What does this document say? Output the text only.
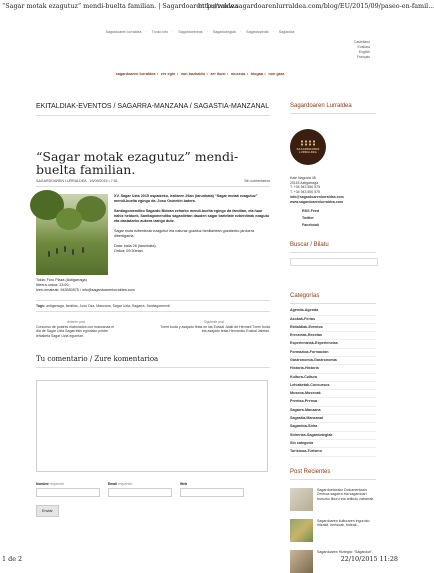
“Sagar motak ezagutuz” mendi-buelta familian. | Sagardoaren Lurraldea
http://www.sagardoarenlurraldea.com/blog/EU/2015/09/paseo-en-famil...
Sagardoaren lurraldea · Txoko info · Sagardoetxeas · Sagardotegiak · Sagardopedia · Sagardoa
Castellano
Euskara
English
Français
sagardoaren lurraldea • zer egin • non bazkaldu • zer ikusi • museoa • blogaa • non gara
EKITALDIAK-EVENTOS / SAGARRA-MANZANA / SAGASTIA-MANZANAL
“Sagar motak ezagutuz” mendi-buelta familian.
SAGARDOAREN LURRALDEA - 16/09/2015 • 7:51	Sin comentarios

XV. Sagar Uzta 2015 ospatzeko, irailaren 26an (larunbata) “Sagar motak ezagutuz” mendi-buelta egingo da. Josu Osinekin batera.

Santiagomendiko Sagardo Bidean zeharko mendi-buelta egingo da familian, eta haur nahiz helduek, Santiagomendiko sagastietan dauden sagar barietate ezberdinak ezagutu eta dastatzeko aukera izango dute.

Sagar mota ezberdinak ezagutuz eta naturaz gozatuz familiartean gozatzeko jarduera dibertigarria.

Data: iraila 26 (larunbata).
Ordua: 09:30etan.
Tokia: Foru Plaza (Astigarraga)
Irteera ordua: 13:00.
Izen-emateak: 943550575 / info@sagardoarenlurraldea.com
Tags: antigarraga, familias, Josu Oza, Manzana, Sagar Uzta, Sagarra, Santiagomendi
Anterior post
Concurso de postres elaborados con manzanas el día de Sagar Uzta Sagarrekin egindako postre lehiaketa Sagar Uzta egunean.
Siguiente post
Txerri boda y asajado festa en las Euskal Jaiak de Hernani Txerri boda eta asajado festa Hernaniko Euskal Jaietan.
Tu comentario / Zure komentarioa
Nombre requerido	Email requerido	Web
Enviar
Sagardoaren Lurraldea
SAGARDOAREN
LURRALDEA
Kale Nagusia 48
20115 Astigarraga
T. +34 943 550 575
T. +34 943 550 575
info@sagardoarenlurraldea.com
www.sagardoarenlurraldea.com
RSS Feed
Twitter
Facebook
Buscar / Bilatu
Categorías
Agenda-Agenda
Azokak-Ferias
Ekitaldiak-Eventos
Errezetak-Recetas
Esperientziak-Experiencias
Formazioa-Formación
Gastronomia-Gastronomía
Historia-Historia
Kultura-Cultura
Lehiaketak-Concursos
Museoa-Museoak
Prentsa-Prensa
Sagarra-Manzana
Sagastia-Manzanal
Sagardoa-Sidra
Sidrerias-Sagardotegiak
Sin categoría
Turismoa-Turismo
Post Recientes
Sagardoetxeako Dokumentazio Zentroa sagarra eta sagardoari buruzko liburu eta artikulu zabarrak.
Sagardoaren kulturaren inguruko hitzaldi, bertsoak, bideak...
Sagardoaren Hiztegia: “Sagardoa”.
1 de 2	22/10/2015 11:28
